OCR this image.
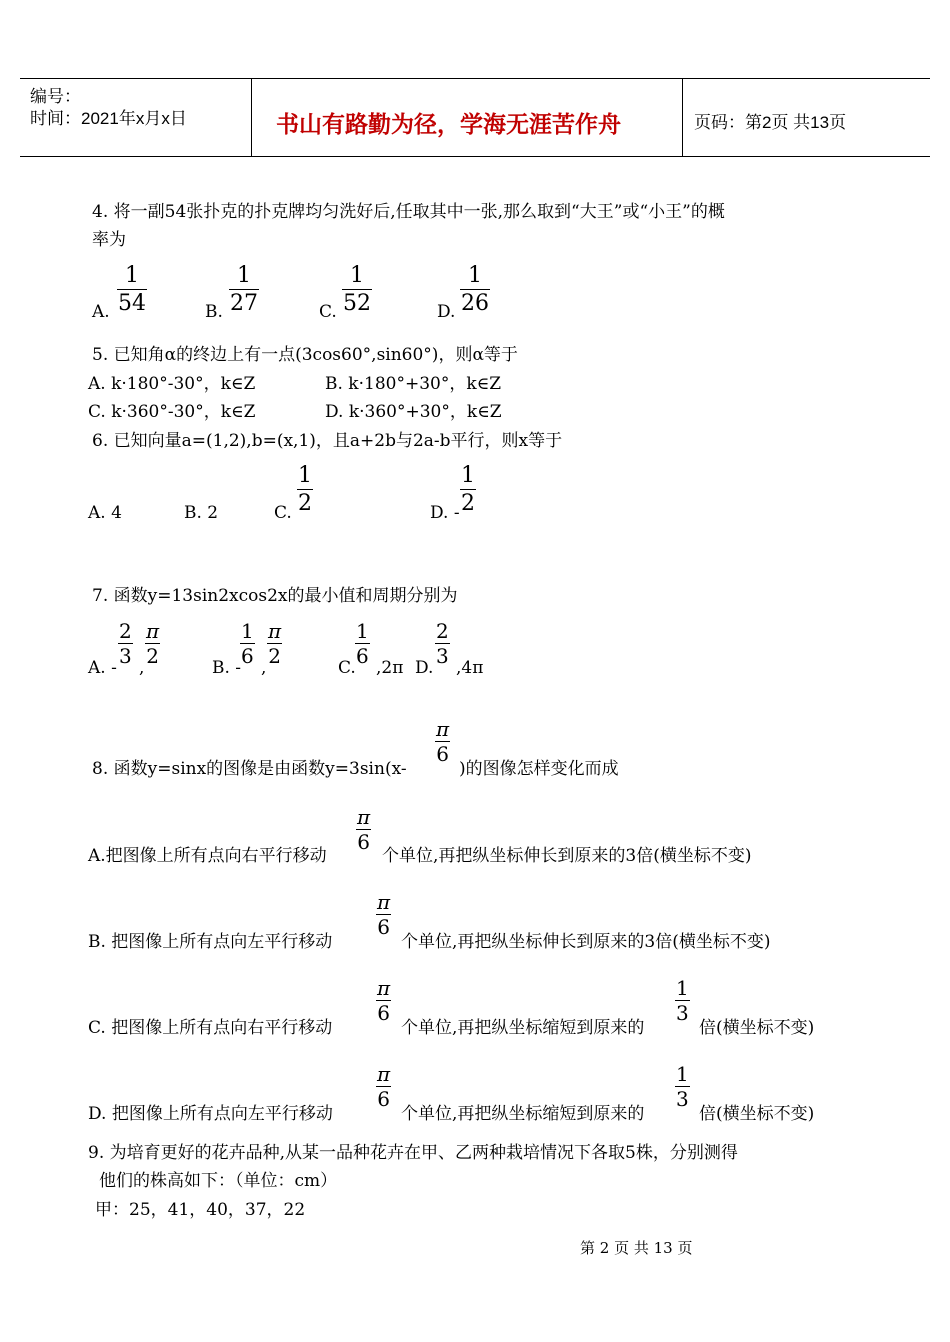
编号：
时间：2021年x月x日	书山有路勤为径，学海无涯苦作舟	页码：第2页 共13页
4. 将一副54张扑克的扑克牌均匀洗好后,任取其中一张,那么取到“大王”或“小王”的概
率为
A. $\frac{1}{54}$	B. $\frac{1}{27}$	C. $\frac{1}{52}$	D. $\frac{1}{26}$
5. 已知角α的终边上有一点(3cos60°,sin60°)，则α等于
A. k·180°-30°，k∈Z	B. k·180°+30°，k∈Z
C. k·360°-30°，k∈Z	D. k·360°+30°，k∈Z
6. 已知向量a=(1,2),b=(x,1)，且a+2b与2a-b平行，则x等于
A. 4	B. 2	C. $\frac{1}{2}$	D. - $\frac{1}{2}$
7. 函数y=13sin2xcos2x的最小值和周期分别为
A. - $\frac{2}{3}$ , $\frac{\pi}{2}$	B. -
$\frac{1}{6}$ , $\frac{\pi}{2}$	C. $\frac{1}{6} ,2\pi$ D. $\frac{2}{3} ,4\pi$
8. 函数y=sinx的图像是由函数y=3sin(x-
$\frac{\pi}{6}$
)的图像怎样变化而成
A.把图像上所有点向右平行移动
$\frac{\pi}{6}$
个单位,再把纵坐标伸长到原来的3倍(横坐标不变)
B. 把图像上所有点向左平行移动
$\frac{\pi}{6}$
个单位,再把纵坐标伸长到原来的3倍(横坐标不变)
C. 把图像上所有点向右平行移动
$\frac{\pi}{6}$
个单位,再把纵坐标缩短到原来的
$\frac{1}{3}$
倍(横坐标不变)
D. 把图像上所有点向左平行移动
$\frac{\pi}{6}$
个单位,再把纵坐标缩短到原来的
$\frac{1}{3}$
倍(横坐标不变)
9. 为培育更好的花卉品种,从某一品种花卉在甲、乙两种栽培情况下各取5株，分别测得
他们的株高如下：（单位：cm）
甲：25，41，40，37，22
第 2 页 共 13 页
